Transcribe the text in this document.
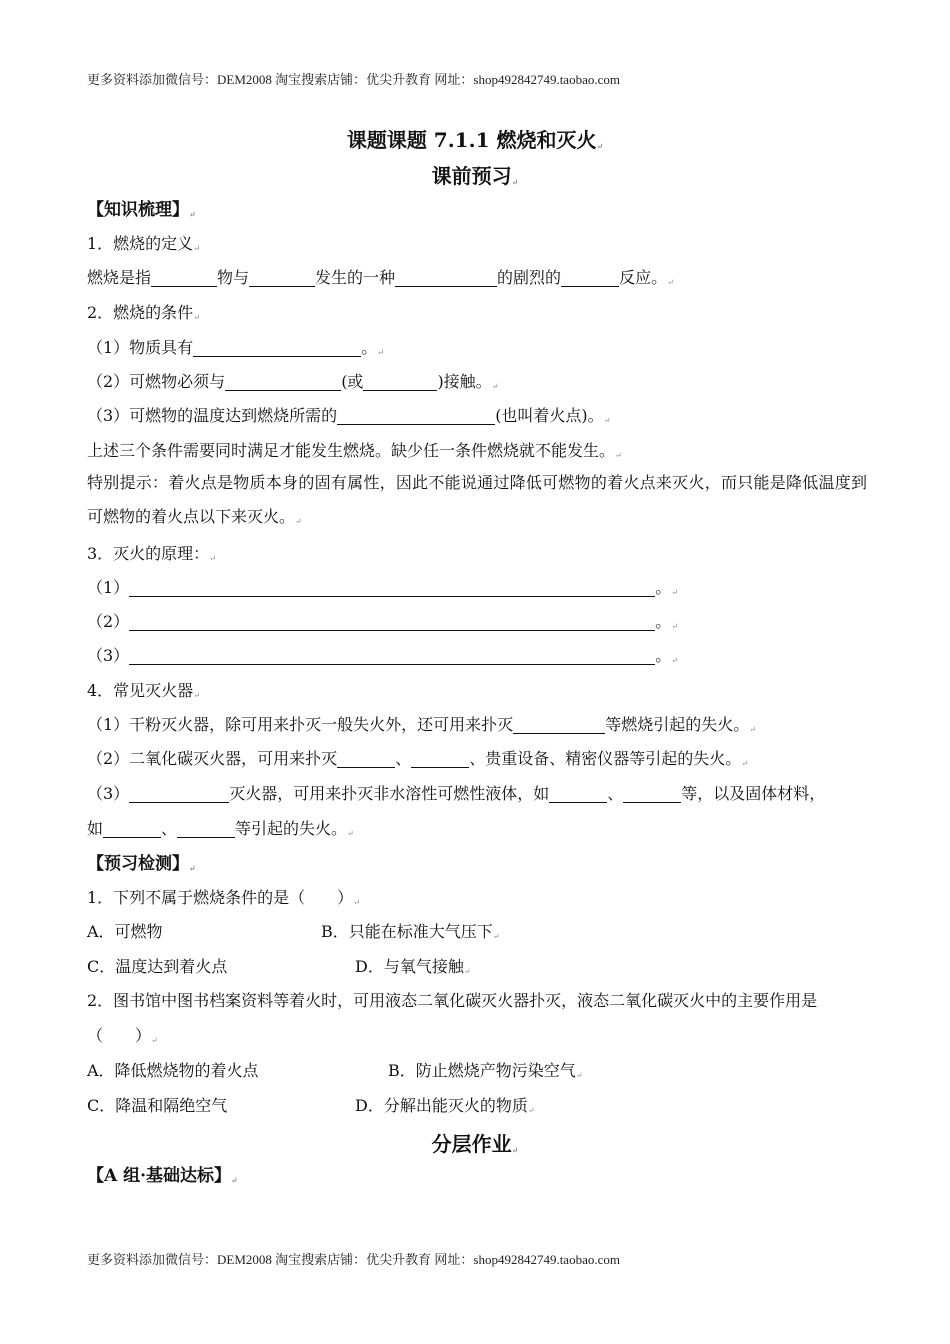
更多资料添加微信号：DEM2008 淘宝搜索店铺：优尖升教育 网址：shop492842749.taobao.com
课题课题 7.1.1 燃烧和灭火↵
课前预习↵
【知识梳理】↵
1．燃烧的定义↵
燃烧是指	物与	发生的一种	的剧烈的	反应。↵
2．燃烧的条件↵
（1）物质具有	。↵
（2）可燃物必须与	(或	)接触。↵
（3）可燃物的温度达到燃烧所需的	(也叫着火点)。↵
上述三个条件需要同时满足才能发生燃烧。缺少任一条件燃烧就不能发生。↵
特别提示：着火点是物质本身的固有属性，因此不能说通过降低可燃物的着火点来灭火，而只能是降低温度到可燃物的着火点以下来灭火。↵
3．灭火的原理：↵
（1）	。↵
（2）	。↵
（3）	。↵
4．常见灭火器↵
（1）干粉灭火器，除可用来扑灭一般失火外，还可用来扑灭	等燃烧引起的失火。↵
（2）二氧化碳灭火器，可用来扑灭	、	、贵重设备、精密仪器等引起的失火。↵
（3）	灭火器，可用来扑灭非水溶性可燃性液体，如	、	等，以及固体材料，
如	、	等引起的失火。↵
【预习检测】↵
1．下列不属于燃烧条件的是（　　）↵
A．可燃物	B．只能在标准大气压下↵
C．温度达到着火点	D．与氧气接触↵
2．图书馆中图书档案资料等着火时，可用液态二氧化碳灭火器扑灭，液态二氧化碳灭火中的主要作用是
（　　）↵
A．降低燃烧物的着火点	B．防止燃烧产物污染空气↵
C．降温和隔绝空气	D．分解出能灭火的物质↵
分层作业↵
【A 组·基础达标】↵
更多资料添加微信号：DEM2008 淘宝搜索店铺：优尖升教育 网址：shop492842749.taobao.com
